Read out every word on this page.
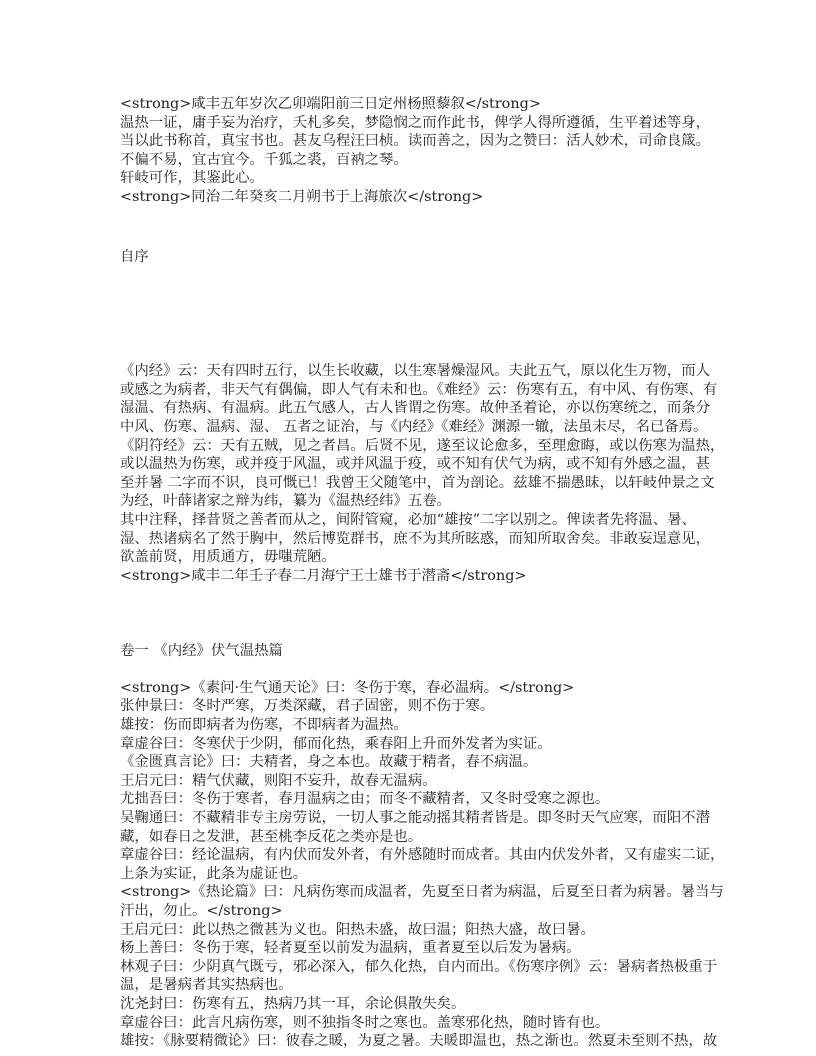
<strong>咸丰五年岁次乙卯端阳前三日定州杨照藜叙</strong>
温热一证，庸手妄为治疗，夭札多矣，梦隐悯之而作此书，俾学人得所遵循，生平着述等身，
当以此书称首，真宝书也。甚友乌程汪曰桢。读而善之，因为之赞曰：活人妙术，司命良箴。
不偏不易，宜古宜今。千狐之裘，百衲之琴。
轩岐可作，其鉴此心。
<strong>同治二年癸亥二月朔书于上海旅次</strong>
自序
《内经》云：天有四时五行，以生长收藏，以生寒暑燥湿风。夫此五气，原以化生万物，而人
或感之为病者，非天气有偶偏，即人气有未和也。《难经》云：伤寒有五，有中风、有伤寒、有
湿温、有热病、有温病。此五气感人，古人皆谓之伤寒。故仲圣着论，亦以伤寒统之，而条分
中风、伤寒、温病、湿、 五者之证治，与《内经》《难经》渊源一辙，法虽未尽，名已备焉。
《阴符经》云：天有五贼，见之者昌。后贤不见，遂至议论愈多，至理愈晦，或以伤寒为温热，
或以温热为伤寒，或并疫于风温，或并风温于疫，或不知有伏气为病，或不知有外感之温，甚
至并暑 二字而不识，良可慨已！我曾王父随笔中，首为剖论。兹雄不揣愚昧，以轩岐仲景之文
为经，叶薛诸家之辩为纬，纂为《温热经纬》五卷。
其中注释，择昔贤之善者而从之，间附管窥，必加“雄按”二字以别之。俾读者先将温、暑、
湿、热诸病名了然于胸中，然后博览群书，庶不为其所眩惑，而知所取舍矣。非敢妄逞意见，
欲盖前贤，用质通方，毋嗤荒陋。
<strong>咸丰二年壬子春二月海宁王士雄书于潜斋</strong>
卷一 《内经》伏气温热篇
<strong>《素问·生气通天论》曰：冬伤于寒，春必温病。</strong>
张仲景曰：冬时严寒，万类深藏，君子固密，则不伤于寒。
雄按：伤而即病者为伤寒，不即病者为温热。
章虚谷曰：冬寒伏于少阴，郁而化热，乘春阳上升而外发者为实证。
《金匮真言论》曰：夫精者，身之本也。故藏于精者，春不病温。
王启元曰：精气伏藏，则阳不妄升，故春无温病。
尤拙吾曰：冬伤于寒者，春月温病之由；而冬不藏精者，又冬时受寒之源也。
吴鞠通曰：不藏精非专主房劳说，一切人事之能动摇其精者皆是。即冬时天气应寒，而阳不潜
藏，如春日之发泄，甚至桃李反花之类亦是也。
章虚谷曰：经论温病，有内伏而发外者，有外感随时而成者。其由内伏发外者，又有虚实二证，
上条为实证，此条为虚证也。
<strong>《热论篇》曰：凡病伤寒而成温者，先夏至日者为病温，后夏至日者为病暑。暑当与
汗出，勿止。</strong>
王启元曰：此以热之微甚为义也。阳热未盛，故曰温；阳热大盛，故曰暑。
杨上善曰：冬伤于寒，轻者夏至以前发为温病，重者夏至以后发为暑病。
林观子曰：少阴真气既亏，邪必深入，郁久化热，自内而出。《伤寒序例》云：暑病者热极重于
温，是暑病者其实热病也。
沈尧封曰：伤寒有五，热病乃其一耳，余论俱散失矣。
章虚谷曰：此言凡病伤寒，则不独指冬时之寒也。盖寒邪化热，随时皆有也。
雄按：《脉要精微论》曰：彼春之暖，为夏之暑。夫暖即温也，热之渐也。然夏未至则不热，故
